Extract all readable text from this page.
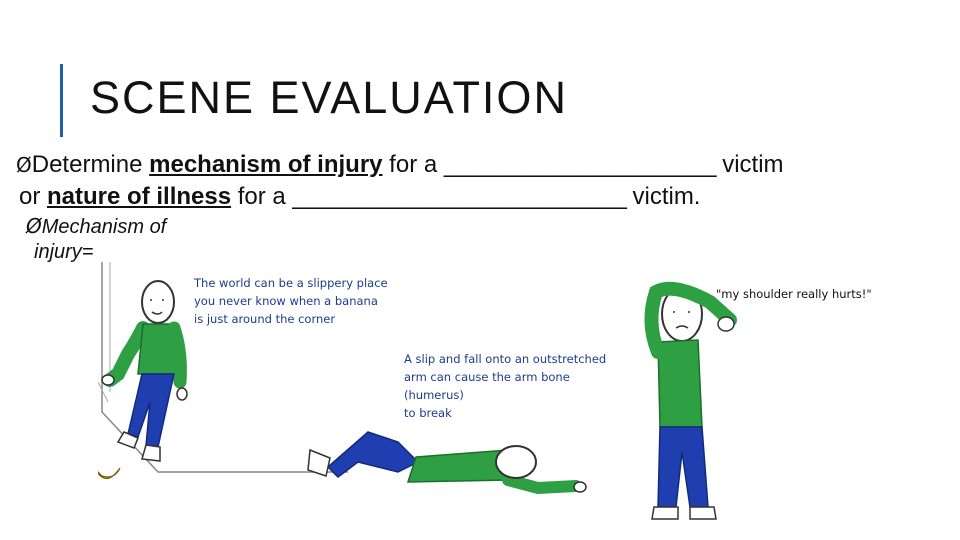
SCENE EVALUATION
ØDetermine mechanism of injury for a ______________________ victim
or nature of illness for a ___________________________ victim.
ØMechanism of
injury=
The world can be a slippery place
you never know when a banana
is just around the corner
A slip and fall onto an outstretched
arm can cause the arm bone
(humerus)
to break
"my shoulder really hurts!"
